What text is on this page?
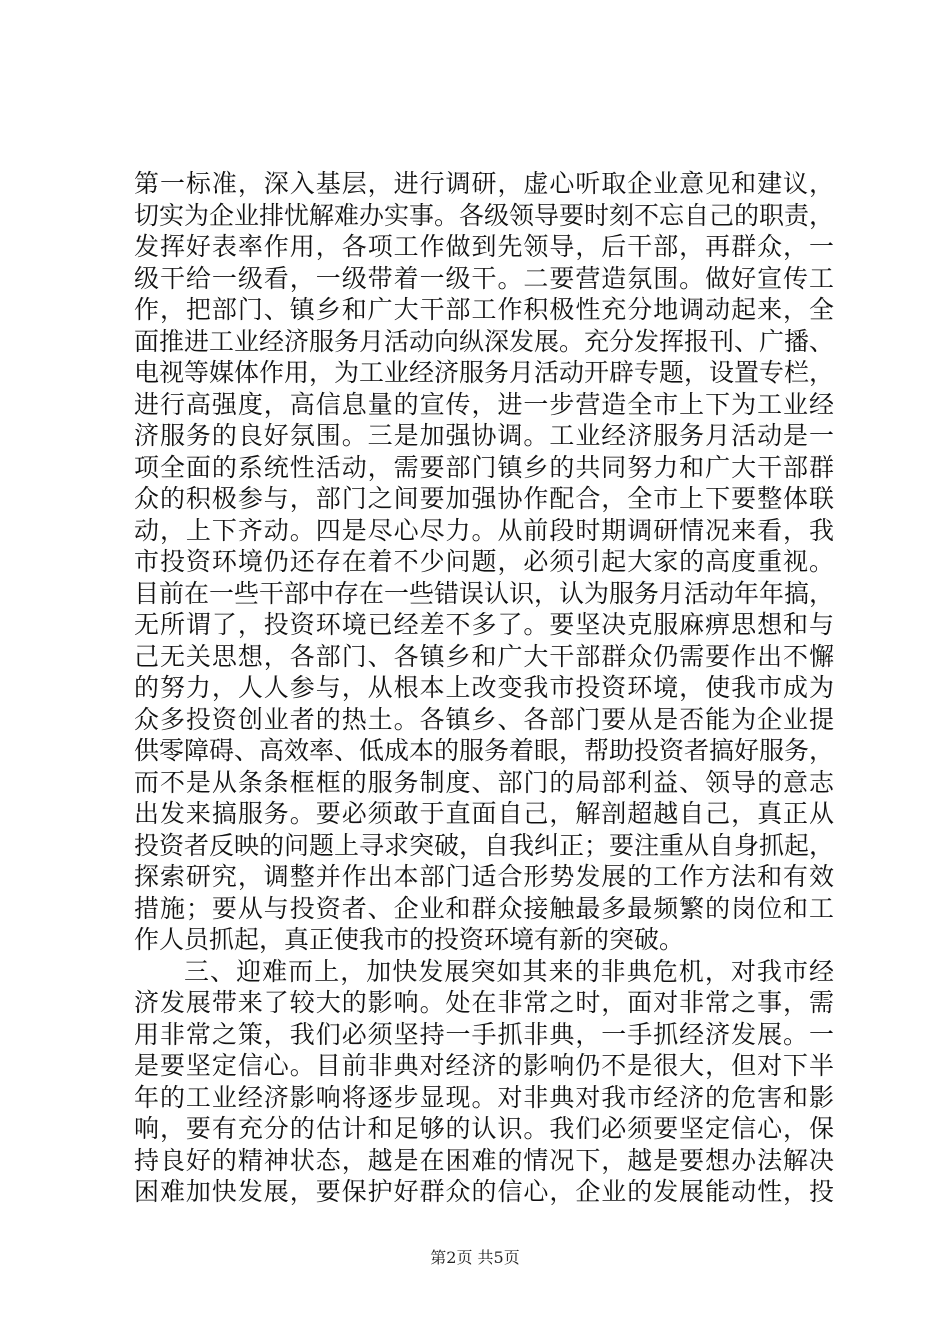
第一标准，深入基层，进行调研，虚心听取企业意见和建议，
切实为企业排忧解难办实事。各级领导要时刻不忘自己的职责，
发挥好表率作用，各项工作做到先领导，后干部，再群众，一
级干给一级看，一级带着一级干。二要营造氛围。做好宣传工
作，把部门、镇乡和广大干部工作积极性充分地调动起来，全
面推进工业经济服务月活动向纵深发展。充分发挥报刊、广播、
电视等媒体作用，为工业经济服务月活动开辟专题，设置专栏，
进行高强度，高信息量的宣传，进一步营造全市上下为工业经
济服务的良好氛围。三是加强协调。工业经济服务月活动是一
项全面的系统性活动，需要部门镇乡的共同努力和广大干部群
众的积极参与，部门之间要加强协作配合，全市上下要整体联
动，上下齐动。四是尽心尽力。从前段时期调研情况来看，我
市投资环境仍还存在着不少问题，必须引起大家的高度重视。
目前在一些干部中存在一些错误认识，认为服务月活动年年搞，
无所谓了，投资环境已经差不多了。要坚决克服麻痹思想和与
己无关思想，各部门、各镇乡和广大干部群众仍需要作出不懈
的努力，人人参与，从根本上改变我市投资环境，使我市成为
众多投资创业者的热土。各镇乡、各部门要从是否能为企业提
供零障碍、高效率、低成本的服务着眼，帮助投资者搞好服务，
而不是从条条框框的服务制度、部门的局部利益、领导的意志
出发来搞服务。要必须敢于直面自己，解剖超越自己，真正从
投资者反映的问题上寻求突破，自我纠正；要注重从自身抓起，
探索研究，调整并作出本部门适合形势发展的工作方法和有效
措施；要从与投资者、企业和群众接触最多最频繁的岗位和工
作人员抓起，真正使我市的投资环境有新的突破。
三、迎难而上，加快发展突如其来的非典危机，对我市经
济发展带来了较大的影响。处在非常之时，面对非常之事，需
用非常之策，我们必须坚持一手抓非典，一手抓经济发展。一
是要坚定信心。目前非典对经济的影响仍不是很大，但对下半
年的工业经济影响将逐步显现。对非典对我市经济的危害和影
响，要有充分的估计和足够的认识。我们必须要坚定信心，保
持良好的精神状态，越是在困难的情况下，越是要想办法解决
困难加快发展，要保护好群众的信心，企业的发展能动性，投
第2页 共5页
